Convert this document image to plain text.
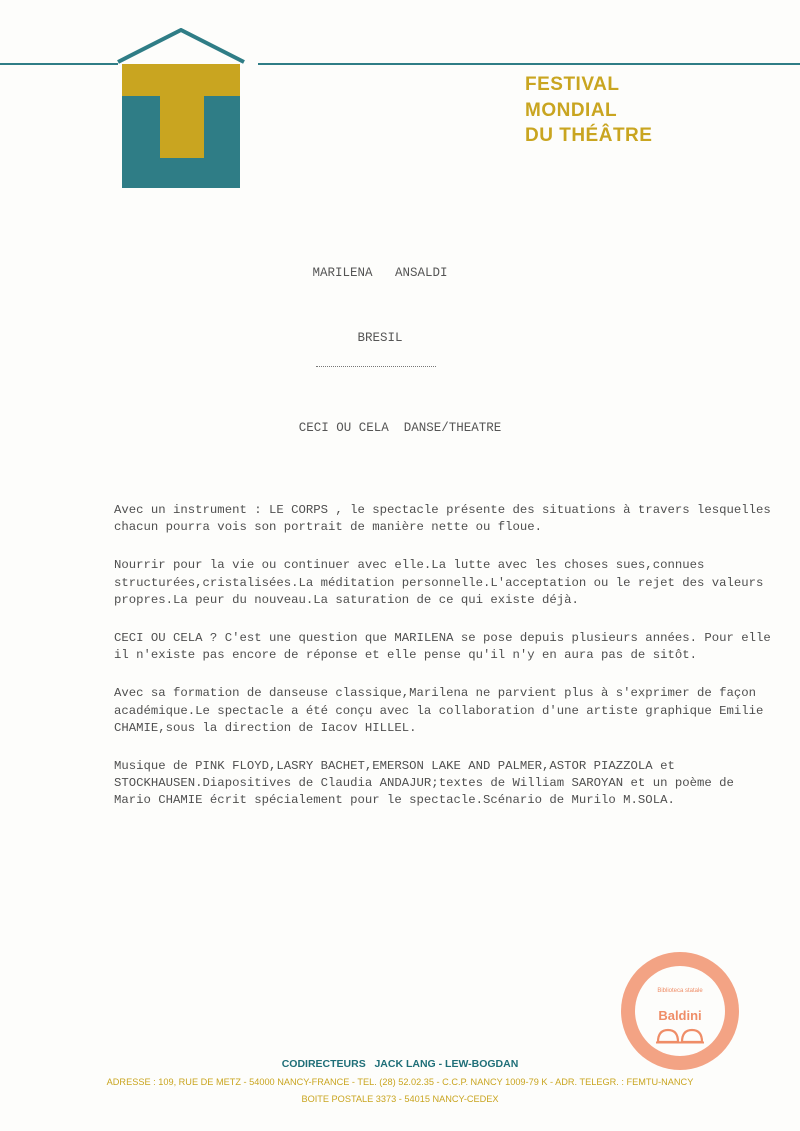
FESTIVAL
MONDIAL
DU THÉÂTRE
MARILENA   ANSALDI
BRESIL
CECI OU CELA  DANSE/THEATRE

Avec un instrument : LE CORPS , le spectacle présente des situations à travers lesquelles chacun pourra vois son portrait de manière nette ou floue.

Nourrir pour la vie ou continuer avec elle.La lutte avec les choses sues,connues structurées,cristalisées.La méditation personnelle.L'acceptation ou le rejet des valeurs propres.La peur du nouveau.La saturation de ce qui existe déjà.

CECI OU CELA ? C'est une question que MARILENA se pose depuis plusieurs années. Pour elle il n'existe pas encore de réponse et elle pense qu'il n'y en aura pas de sitôt.

Avec sa formation de danseuse classique,Marilena ne parvient plus à s'exprimer de façon académique.Le spectacle a été conçu avec la collaboration d'une artiste graphique Emilie CHAMIE,sous la direction de Iacov HILLEL.

Musique de PINK FLOYD,LASRY BACHET,EMERSON LAKE AND PALMER,ASTOR PIAZZOLA et STOCKHAUSEN.Diapositives de Claudia ANDAJUR;textes de William SAROYAN et un poème de Mario CHAMIE écrit spécialement pour le spectacle.Scénario de Murilo M.SOLA.

Biblioteca statale
Baldini
CODIRECTEURS   JACK LANG - LEW-BOGDAN
ADRESSE : 109, RUE DE METZ - 54000 NANCY-FRANCE - TEL. (28) 52.02.35 - C.C.P. NANCY 1009-79 K - ADR. TELEGR. : FEMTU-NANCY
BOITE POSTALE 3373 - 54015 NANCY-CEDEX
